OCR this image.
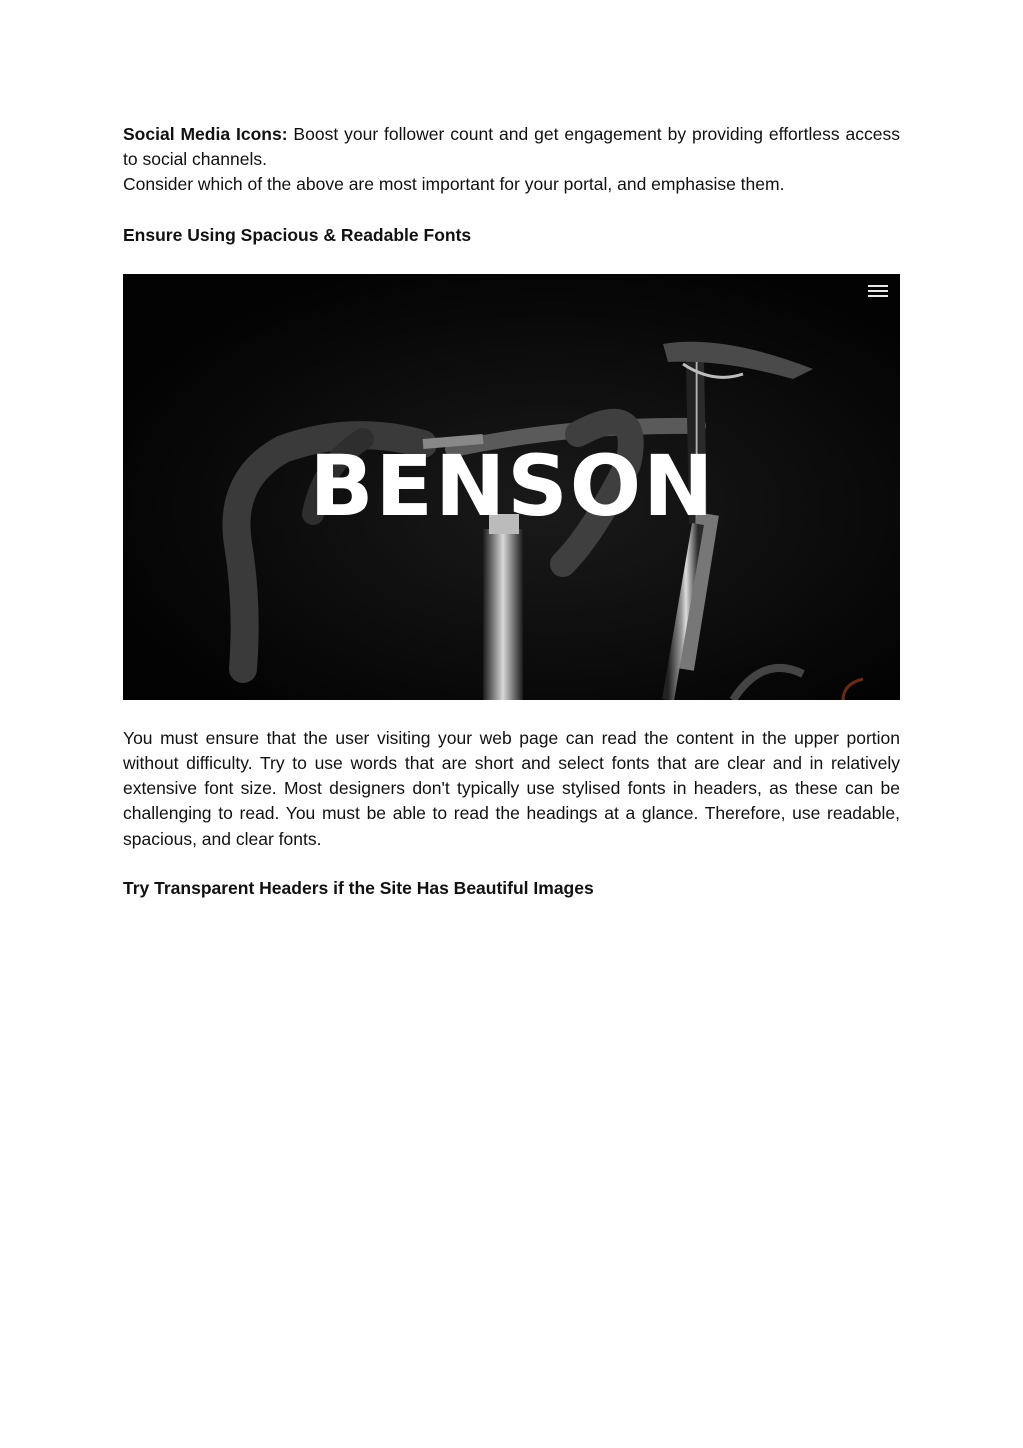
Social Media Icons: Boost your follower count and get engagement by providing effortless access to social channels.

Consider which of the above are most important for your portal, and emphasise them.

Ensure Using Spacious & Readable Fonts
BENSON

You must ensure that the user visiting your web page can read the content in the upper portion without difficulty. Try to use words that are short and select fonts that are clear and in relatively extensive font size. Most designers don't typically use stylised fonts in headers, as these can be challenging to read. You must be able to read the headings at a glance. Therefore, use readable, spacious, and clear fonts.

Try Transparent Headers if the Site Has Beautiful Images
